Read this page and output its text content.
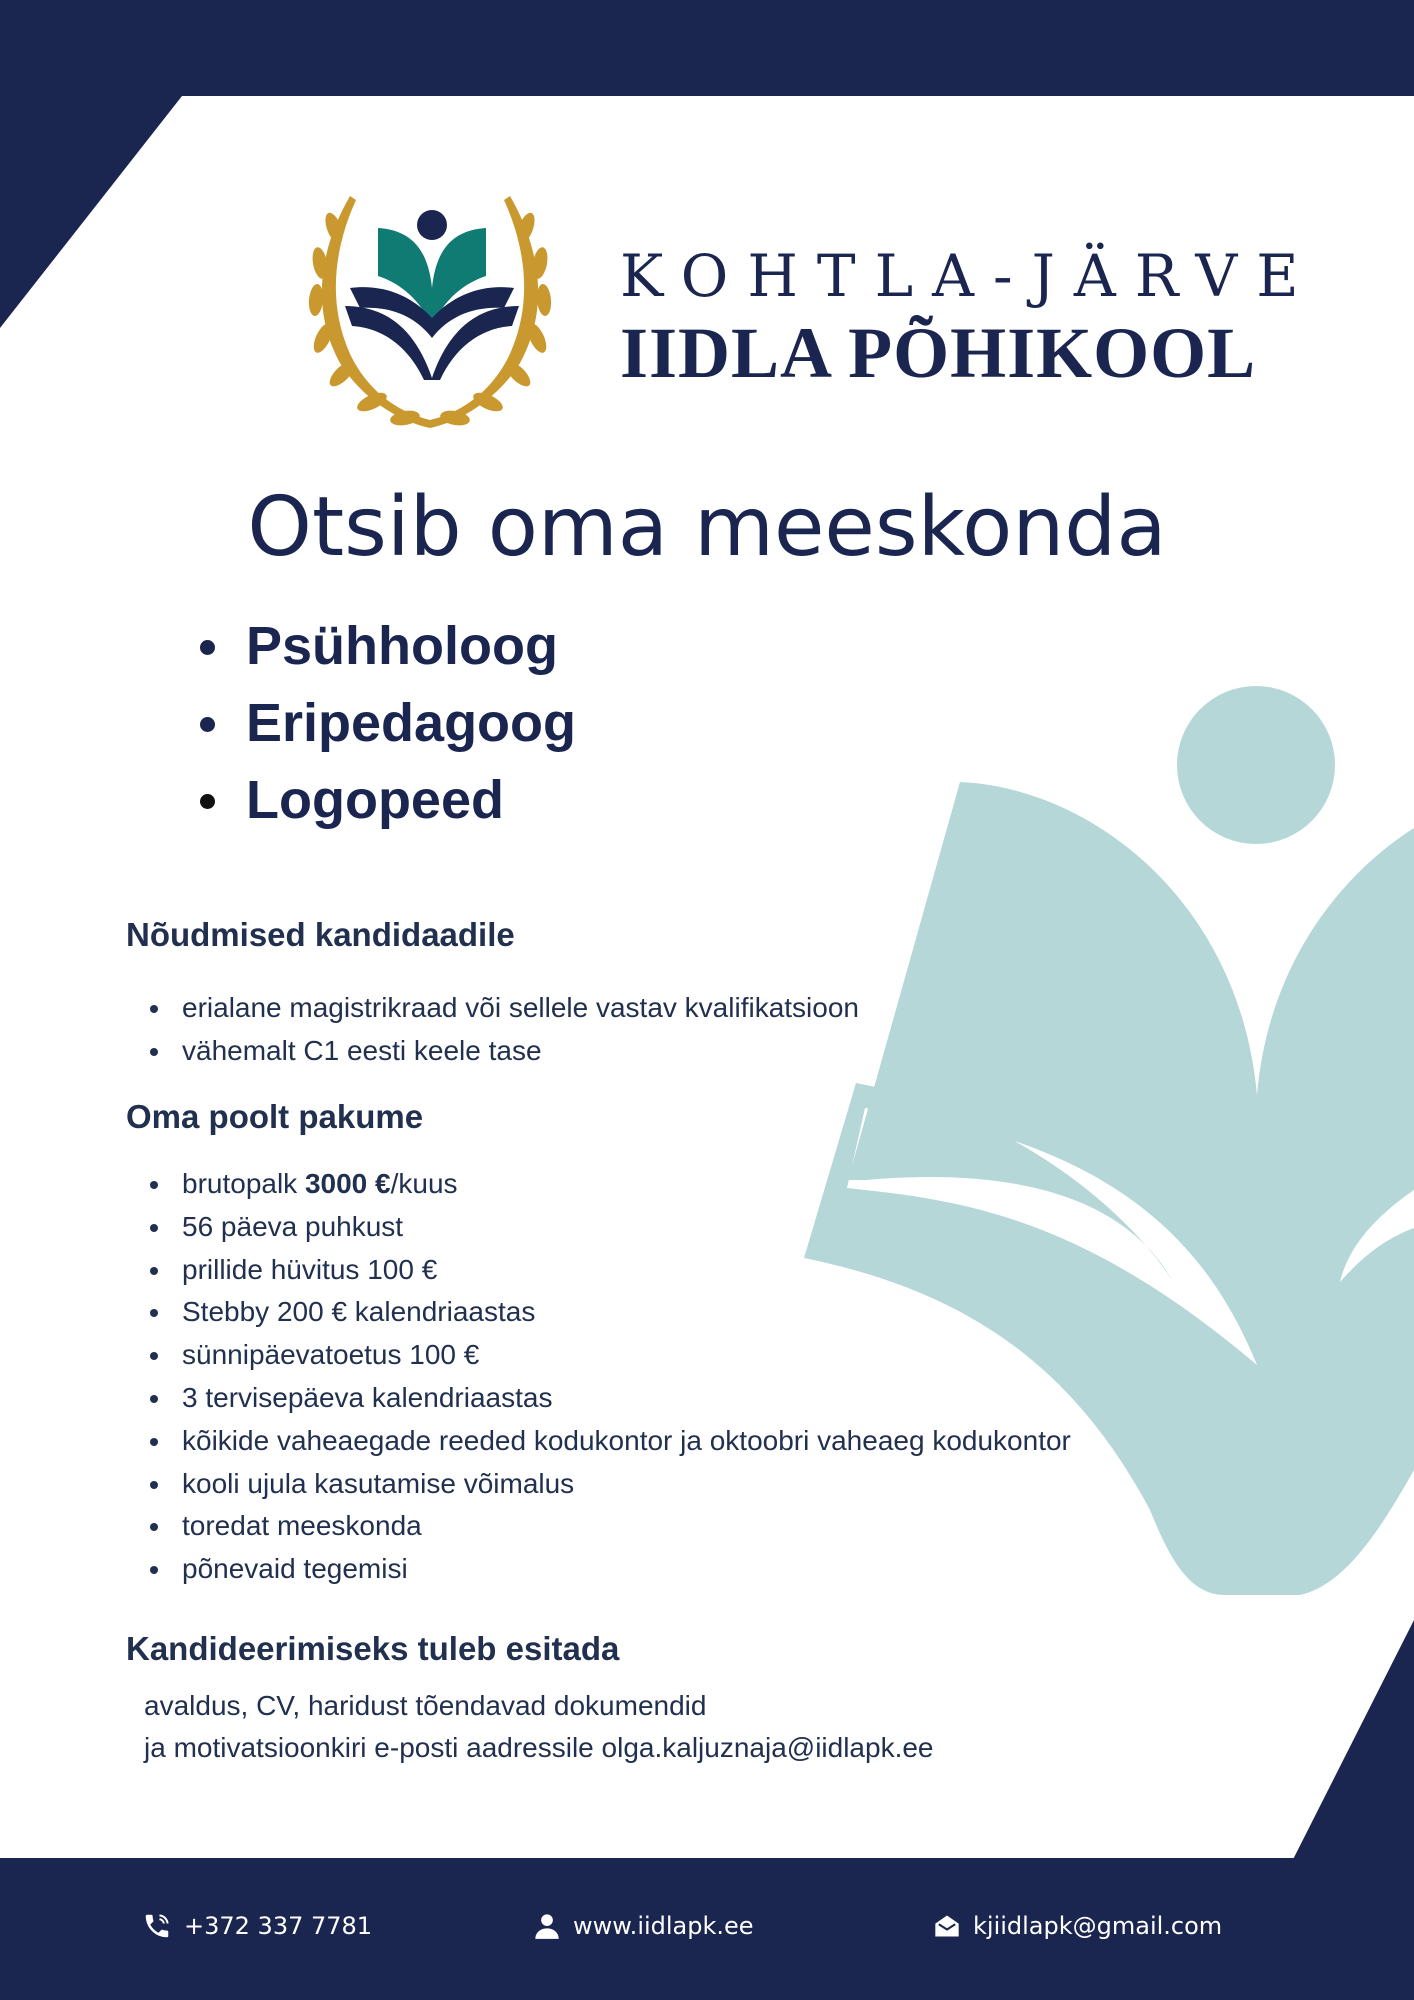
KOHTLA-JÄRVE
IIDLA PÕHIKOOL
Otsib oma meeskonda
Psühholoog
Eripedagoog
Logopeed
Nõudmised kandidaadile
erialane magistrikraad või sellele vastav kvalifikatsioon
vähemalt C1 eesti keele tase
Oma poolt pakume
brutopalk 3000 €/kuus
56 päeva puhkust
prillide hüvitus 100 €
Stebby 200 € kalendriaastas
sünnipäevatoetus 100 €
3 tervisepäeva kalendriaastas
kõikide vaheaegade reeded kodukontor ja oktoobri vaheaeg kodukontor
kooli ujula kasutamise võimalus
toredat meeskonda
põnevaid tegemisi
Kandideerimiseks tuleb esitada
avaldus, CV, haridust tõendavad dokumendid
ja motivatsioonkiri e-posti aadressile olga.kaljuznaja@iidlapk.ee
+372 337 7781	www.iidlapk.ee	kjiidlapk@gmail.com
